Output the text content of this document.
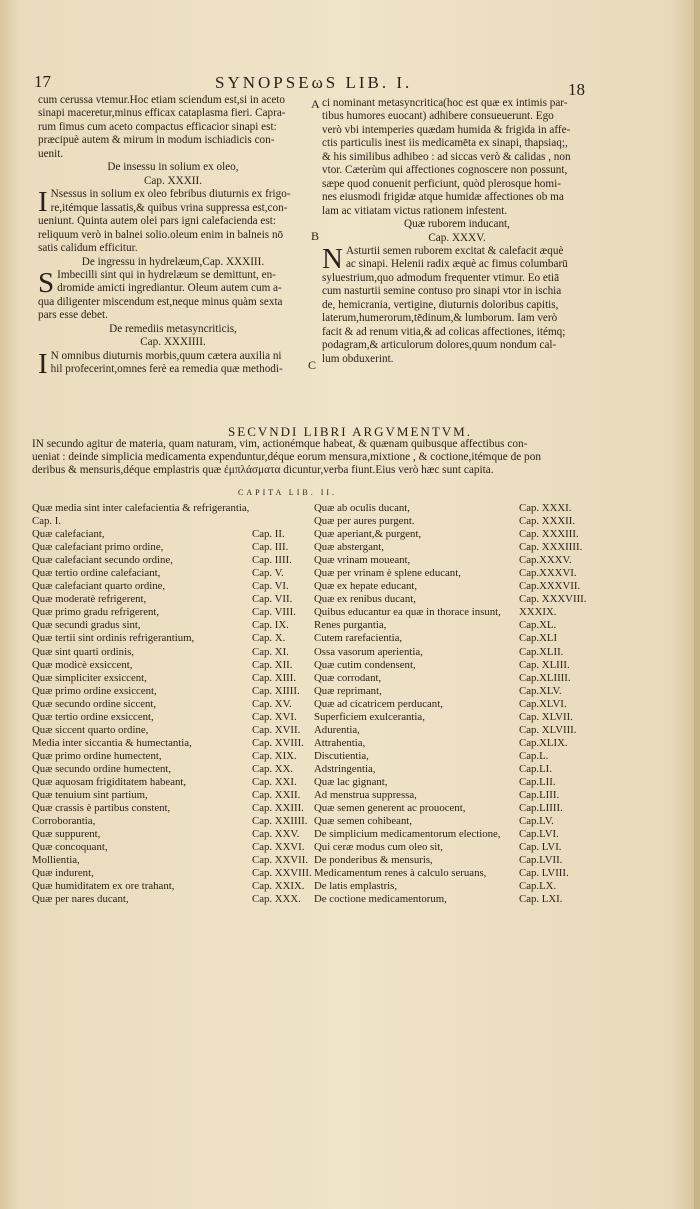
17	SYNOPSEωS LIB. I.	18

cum cerussa vtemur.Hoc etiam sciendum est,si in aceto

sinapi maceretur,minus efficax cataplasma fieri. Capra-

rum fimus cum aceto compactus efficacior sinapi est:

præcipuè autem & mirum in modum ischiadicis con-

uenit.

De insessu in solium ex oleo,

Cap. XXXII.

I Nsessus in solium ex oleo febribus diuturnis ex frigo-

re,itémque lassatis,& quibus vrina suppressa est,con-

ueniunt. Quinta autem olei pars igni calefacienda est:

reliquum verò in balnei solio.oleum enim in balneis nō

satis calidum efficitur.

De ingressu in hydrelæum,Cap. XXXIII.

S Imbecilli sint qui in hydrelæum se demittunt, en-

dromide amicti ingrediantur. Oleum autem cum a-

qua diligenter miscendum est,neque minus quàm sexta

pars esse debet.

De remediis metasyncriticis,

Cap. XXXIIII.

I N omnibus diuturnis morbis,quum cætera auxilia ni

hil profecerint,omnes ferè ea remedia quæ methodi-

A
B
C

ci nominant metasyncritica(hoc est quæ ex intimis par-

tibus humores euocant) adhibere consueuerunt. Ego

verò vbi intemperies quædam humida & frigida in affe-

ctis particulis inest iis medicamēta ex sinapi, thapsiaq;,

& his similibus adhibeo : ad siccas verò & calidas , non

vtor. Cæterùm qui affectiones cognoscere non possunt,

sæpe quod conuenit perficiunt, quòd plerosque homi-

nes eiusmodi frigidæ atque humidæ affectiones ob ma

lam ac vitiatam victus rationem infestent.

Quæ ruborem inducant,

Cap. XXXV.

N Asturtii semen ruborem excitat & calefacit æquè

ac sinapi. Helenii radix æquè ac fimus columbarū

syluestrium,quo admodum frequenter vtimur. Eo etiā

cum nasturtii semine contuso pro sinapi vtor in ischia

de, hemicrania, vertigine, diuturnis doloribus capitis,

laterum,humerorum,tēdinum,& lumborum. Iam verò

facit & ad renum vitia,& ad colicas affectiones, itémq;

podagram,& articulorum dolores,quum nondum cal-

lum obduxerint.

SECVNDI LIBRI ARGVMENTVM.

IN secundo agitur de materia, quam naturam, vim, actionémque habeat, & quænam quibusque affectibus con-

ueniat : deinde simplicia medicamenta expenduntur,déque eorum mensura,mixtione , & coctione,itémque de pon

deribus & mensuris,déque emplastris quæ ἐμπλάσματα dicuntur,verba fiunt.Eius verò hæc sunt capita.

CAPITA LIB. II.
Quæ media sint inter calefacientia & refrigerantia,
Cap. I.
Quæ calefaciant,	Cap. II.
Quæ calefaciant primo ordine,	Cap. III.
Quæ calefaciant secundo ordine,	Cap. IIII.
Quæ tertio ordine calefaciant,	Cap. V.
Quæ calefaciant quarto ordine,	Cap. VI.
Quæ moderatè refrigerent,	Cap. VII.
Quæ primo gradu refrigerent,	Cap. VIII.
Quæ secundi gradus sint,	Cap. IX.
Quæ tertii sint ordinis refrigerantium,	Cap. X.
Quæ sint quarti ordinis,	Cap. XI.
Quæ modicè exsiccent,	Cap. XII.
Quæ simpliciter exsiccent,	Cap. XIII.
Quæ primo ordine exsiccent,	Cap. XIIII.
Quæ secundo ordine siccent,	Cap. XV.
Quæ tertio ordine exsiccent,	Cap. XVI.
Quæ siccent quarto ordine,	Cap. XVII.
Media inter siccantia & humectantia,	Cap. XVIII.
Quæ primo ordine humectent,	Cap. XIX.
Quæ secundo ordine humectent,	Cap. XX.
Quæ aquosam frigiditatem habeant,	Cap. XXI.
Quæ tenuium sint partium,	Cap. XXII.
Quæ crassis è partibus constent,	Cap. XXIII.
Corroborantia,	Cap. XXIIII.
Quæ suppurent,	Cap. XXV.
Quæ concoquant,	Cap. XXVI.
Mollientia,	Cap. XXVII.
Quæ indurent,	Cap. XXVIII.
Quæ humiditatem ex ore trahant,	Cap. XXIX.
Quæ per nares ducant,	Cap. XXX.
Quæ ab oculis ducant,	Cap. XXXI.
Quæ per aures purgent.	Cap. XXXII.
Quæ aperiant,& purgent,	Cap. XXXIII.
Quæ abstergant,	Cap. XXXIIII.
Quæ vrinam moueant,	Cap.XXXV.
Quæ per vrinam è splene educant,	Cap.XXXVI.
Quæ ex hepate educant,	Cap.XXXVII.
Quæ ex renibus ducant,	Cap. XXXVIII.
Quibus educantur ea quæ in thorace insunt, XXXIX.
Renes purgantia,	Cap.XL.
Cutem rarefacientia,	Cap.XLI
Ossa vasorum aperientia,	Cap.XLII.
Quæ cutim condensent,	Cap. XLIII.
Quæ corrodant,	Cap.XLIIII.
Quæ reprimant,	Cap.XLV.
Quæ ad cicatricem perducant,	Cap.XLVI.
Superficiem exulcerantia,	Cap. XLVII.
Adurentia,	Cap. XLVIII.
Attrahentia,	Cap.XLIX.
Discutientia,	Cap.L.
Adstringentia,	Cap.LI.
Quæ lac gignant,	Cap.LII.
Ad menstrua suppressa,	Cap.LIII.
Quæ semen generent ac prouocent,	Cap.LIIII.
Quæ semen cohibeant,	Cap.LV.
De simplicium medicamentorum electione, Cap.LVI.
Qui ceræ modus cum oleo sit,	Cap. LVI.
De ponderibus & mensuris,	Cap.LVII.
Medicamentum renes à calculo seruans,	Cap. LVIII.
De latis emplastris,	Cap.LX.
De coctione medicamentorum,	Cap. LXI.
